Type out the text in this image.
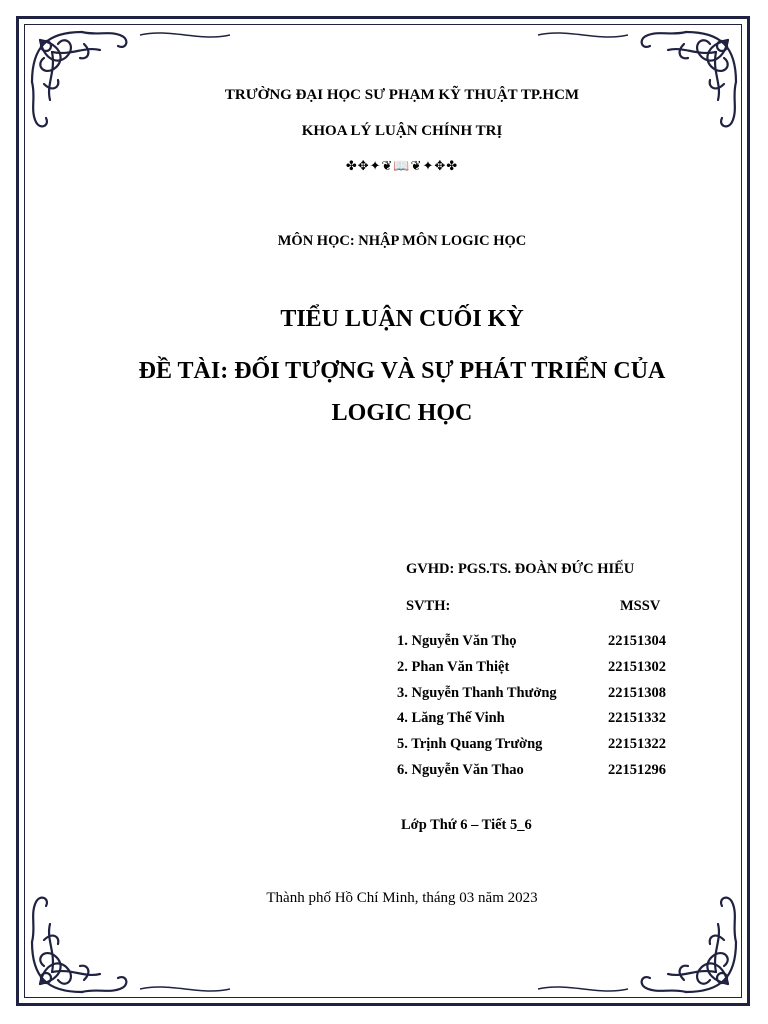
TRƯỜNG ĐẠI HỌC SƯ PHẠM KỸ THUẬT TP.HCM
KHOA LÝ LUẬN CHÍNH TRỊ
✤✥✦❦📖❦✦✥✤
MÔN HỌC: NHẬP MÔN LOGIC HỌC
TIỂU LUẬN CUỐI KỲ
ĐỀ TÀI: ĐỐI TƯỢNG VÀ SỰ PHÁT TRIỂN CỦA
LOGIC HỌC
GVHD: PGS.TS. ĐOÀN ĐỨC HIẾU
SVTH:	MSSV
1. Nguyễn Văn Thọ	22151304
2. Phan Văn Thiệt	22151302
3. Nguyễn Thanh Thưởng	22151308
4. Lăng Thế Vinh	22151332
5. Trịnh Quang Trường	22151322
6. Nguyễn Văn Thao	22151296
Lớp Thứ 6 – Tiết 5_6
Thành phố Hồ Chí Minh, tháng 03 năm 2023
